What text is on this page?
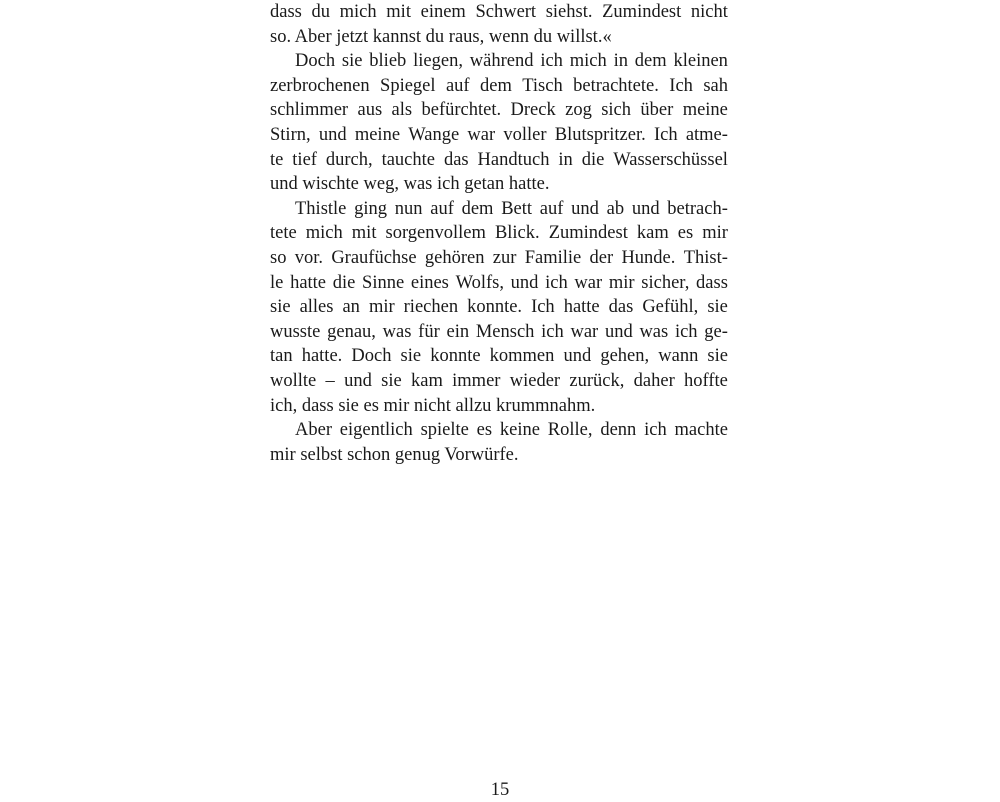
dass du mich mit einem Schwert siehst. Zumindest nicht
so. Aber jetzt kannst du raus, wenn du willst.«
Doch sie blieb liegen, während ich mich in dem kleinen
zerbrochenen Spiegel auf dem Tisch betrachtete. Ich sah
schlimmer aus als befürchtet. Dreck zog sich über meine
Stirn, und meine Wange war voller Blutspritzer. Ich atme-
te tief durch, tauchte das Handtuch in die Wasserschüssel
und wischte weg, was ich getan hatte.
Thistle ging nun auf dem Bett auf und ab und betrach-
tete mich mit sorgenvollem Blick. Zumindest kam es mir
so vor. Graufüchse gehören zur Familie der Hunde. Thist-
le hatte die Sinne eines Wolfs, und ich war mir sicher, dass
sie alles an mir riechen konnte. Ich hatte das Gefühl, sie
wusste genau, was für ein Mensch ich war und was ich ge-
tan hatte. Doch sie konnte kommen und gehen, wann sie
wollte – und sie kam immer wieder zurück, daher hoffte
ich, dass sie es mir nicht allzu krummnahm.
Aber eigentlich spielte es keine Rolle, denn ich machte
mir selbst schon genug Vorwürfe.
15
